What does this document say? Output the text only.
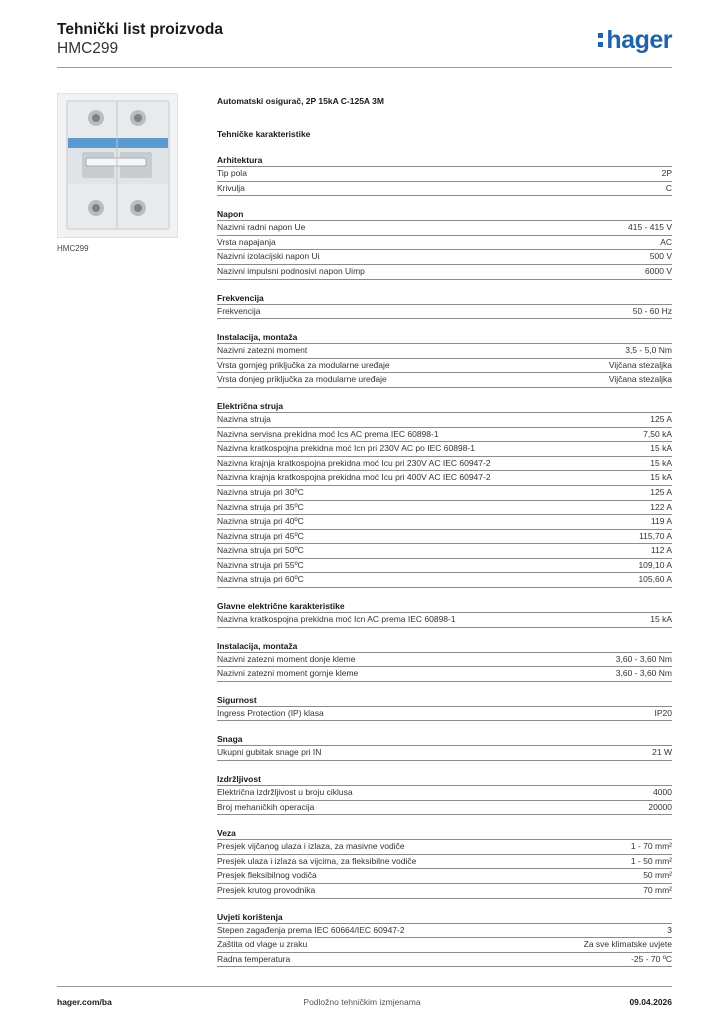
Tehnički list proizvoda
HMC299	hager
HMC299
Automatski osigurač, 2P 15kA C-125A 3M
Tehničke karakteristike
Arhitektura
Tip pola	2P
Krivulja	C
Napon
Nazivni radni napon Ue	415 - 415 V
Vrsta napajanja	AC
Nazivni izolacijski napon Ui	500 V
Nazivni impulsni podnosivi napon Uimp	6000 V
Frekvencija
Frekvencija	50 - 60 Hz
Instalacija, montaža
Nazivni zatezni moment	3,5 - 5,0 Nm
Vrsta gornjeg priključka za modularne uređaje	Vijčana stezaljka
Vrsta donjeg priključka za modularne uređaje	Vijčana stezaljka
Električna struja
Nazivna struja	125 A
Nazivna servisna prekidna moć Ics AC prema IEC 60898-1	7,50 kA
Nazivna kratkospojna prekidna moć Icn pri 230V AC po IEC 60898-1	15 kA
Nazivna krajnja kratkospojna prekidna moć Icu pri 230V AC IEC 60947-2	15 kA
Nazivna krajnja kratkospojna prekidna moć Icu pri 400V AC IEC 60947-2	15 kA
Nazivna struja pri 30ºC	125 A
Nazivna struja pri 35ºC	122 A
Nazivna struja pri 40ºC	119 A
Nazivna struja pri 45ºC	115,70 A
Nazivna struja pri 50ºC	112 A
Nazivna struja pri 55ºC	109,10 A
Nazivna struja pri 60ºC	105,60 A
Glavne električne karakteristike
Nazivna kratkospojna prekidna moć Icn AC prema IEC 60898-1	15 kA
Instalacija, montaža
Nazivni zatezni moment donje kleme	3,60 - 3,60 Nm
Nazivni zatezni moment gornje kleme	3,60 - 3,60 Nm
Sigurnost
Ingress Protection (IP) klasa	IP20
Snaga
Ukupni gubitak snage pri IN	21 W
Izdržljivost
Električna izdržljivost u broju ciklusa	4000
Broj mehaničkih operacija	20000
Veza
Presjek vijčanog ulaza i izlaza, za masivne vodiče	1 - 70 mm²
Presjek ulaza i izlaza sa vijcima, za fleksibilne vodiče	1 - 50 mm²
Presjek fleksibilnog vodiča	50 mm²
Presjek krutog provodnika	70 mm²
Uvjeti korištenja
Stepen zagađenja prema IEC 60664/IEC 60947-2	3
Zaštita od vlage u zraku	Za sve klimatske uvjete
Radna temperatura	-25 - 70 ºC
hager.com/ba	Podložno tehničkim izmjenama	09.04.2026
